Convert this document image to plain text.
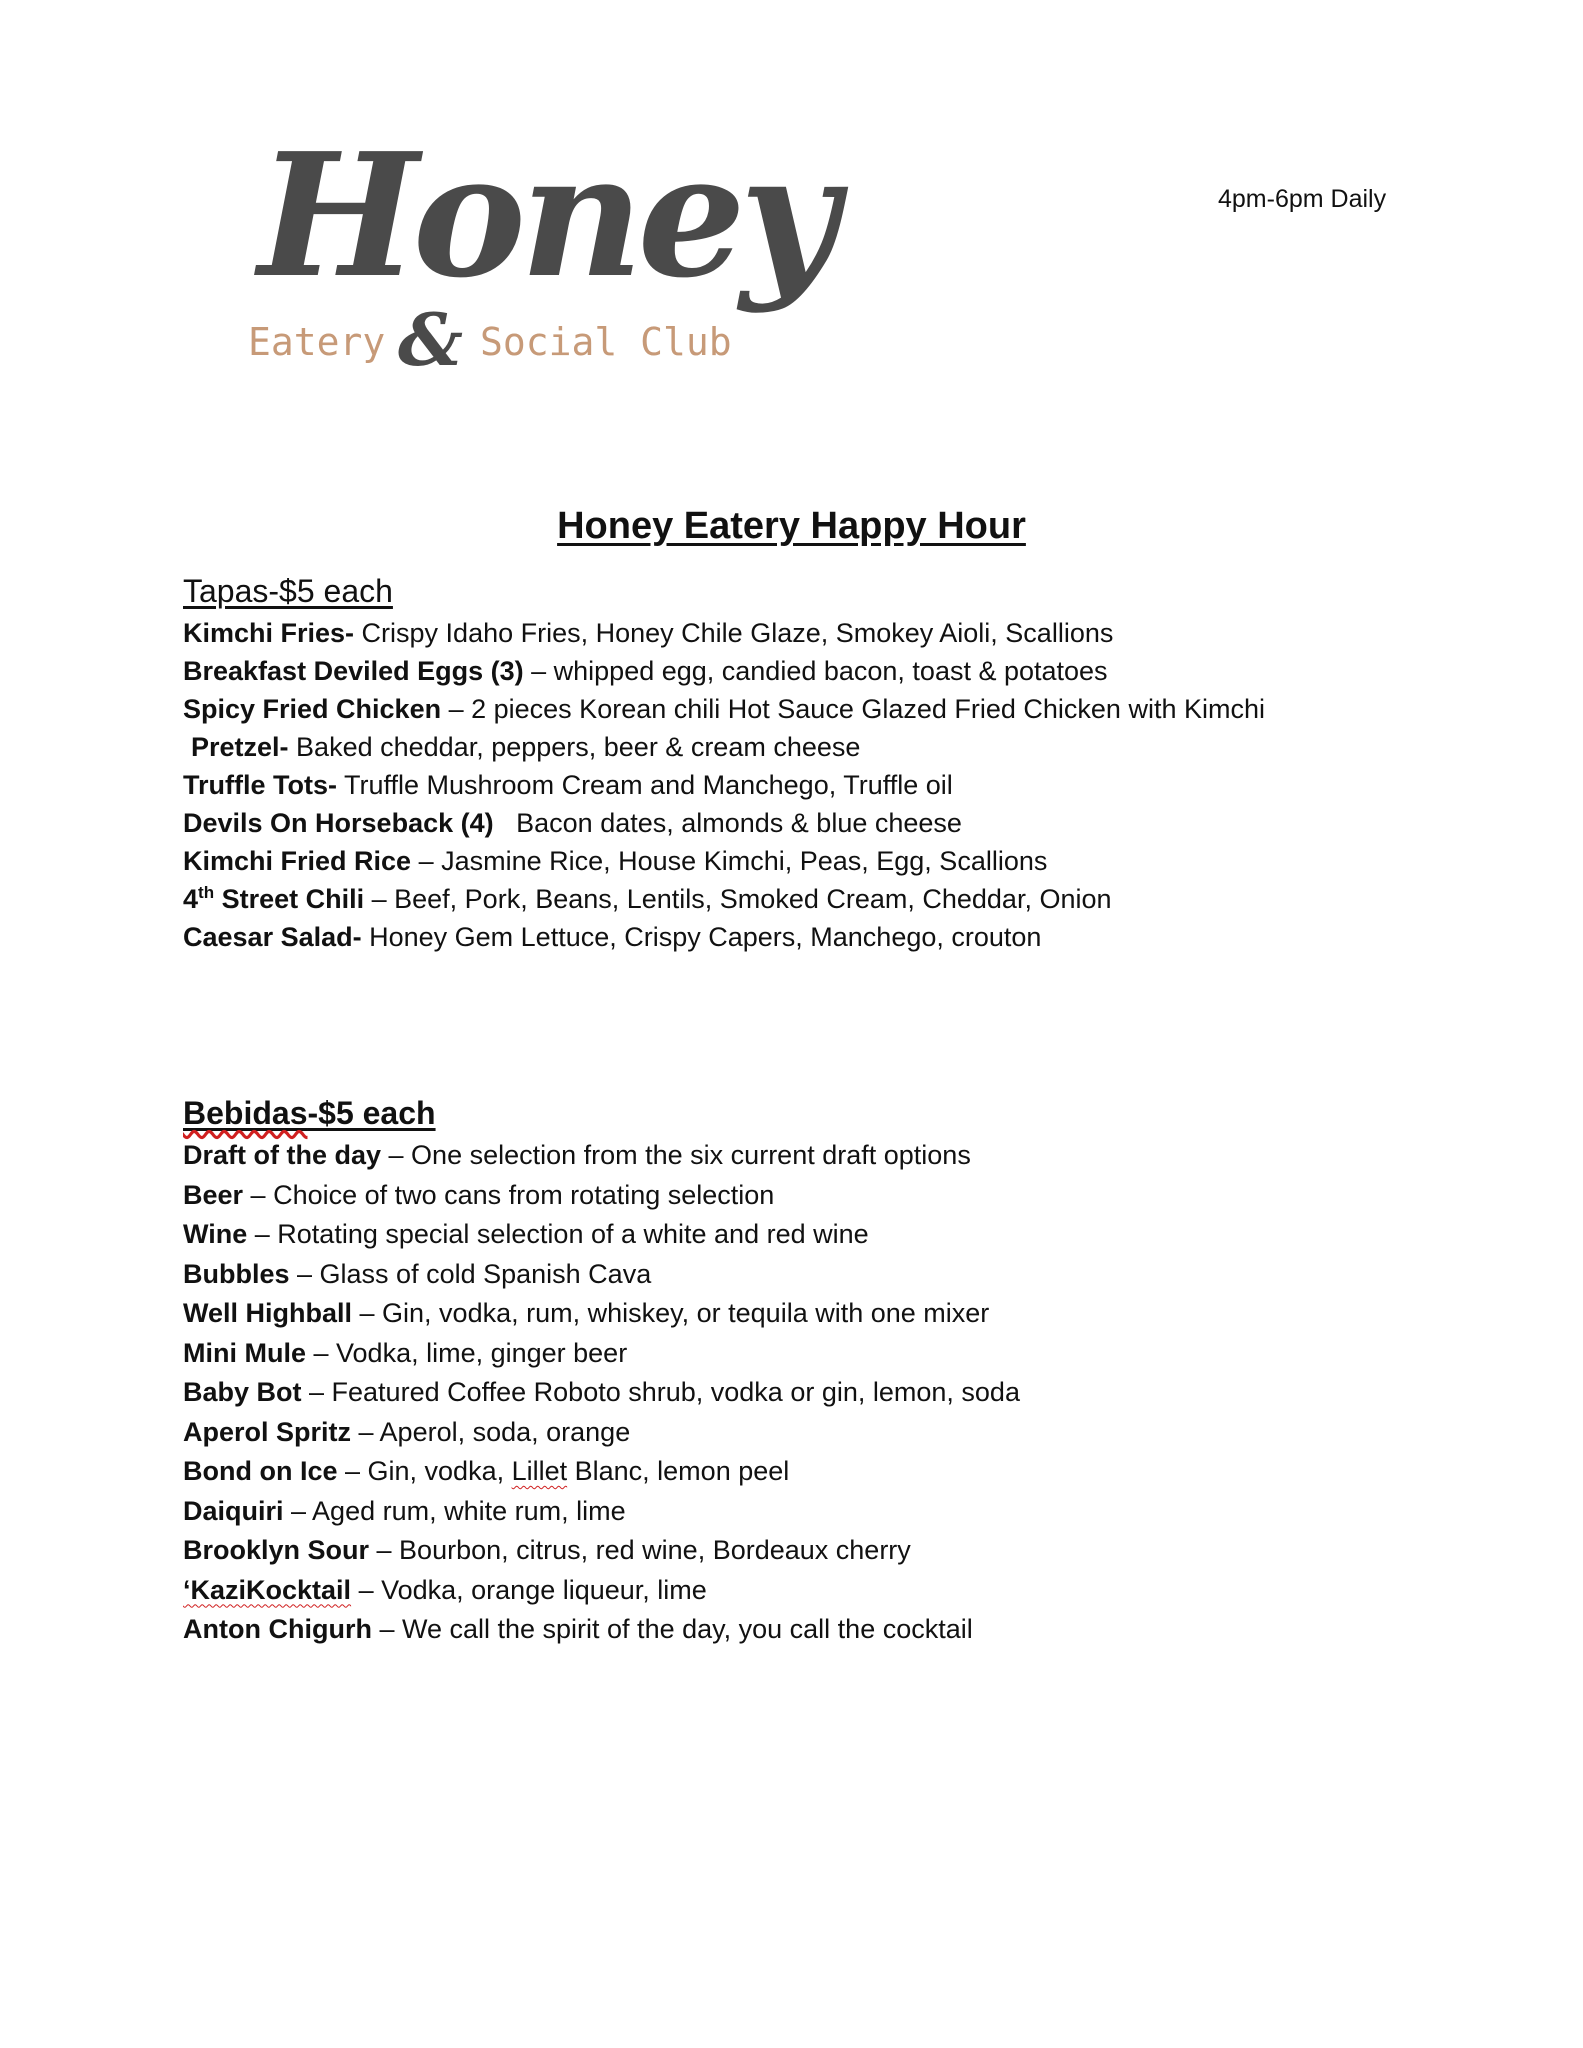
Honey
Eatery & Social Club
4pm-6pm Daily
Honey Eatery Happy Hour
Tapas-$5 each
Kimchi Fries- Crispy Idaho Fries, Honey Chile Glaze, Smokey Aioli, Scallions
Breakfast Deviled Eggs (3) – whipped egg, candied bacon, toast & potatoes
Spicy Fried Chicken – 2 pieces Korean chili Hot Sauce Glazed Fried Chicken with Kimchi
Pretzel- Baked cheddar, peppers, beer & cream cheese
Truffle Tots- Truffle Mushroom Cream and Manchego, Truffle oil
Devils On Horseback (4)   Bacon dates, almonds & blue cheese
Kimchi Fried Rice – Jasmine Rice, House Kimchi, Peas, Egg, Scallions
4th Street Chili – Beef, Pork, Beans, Lentils, Smoked Cream, Cheddar, Onion
Caesar Salad- Honey Gem Lettuce, Crispy Capers, Manchego, crouton
Bebidas-$5 each
Draft of the day – One selection from the six current draft options
Beer – Choice of two cans from rotating selection
Wine – Rotating special selection of a white and red wine
Bubbles – Glass of cold Spanish Cava
Well Highball – Gin, vodka, rum, whiskey, or tequila with one mixer
Mini Mule – Vodka, lime, ginger beer
Baby Bot – Featured Coffee Roboto shrub, vodka or gin, lemon, soda
Aperol Spritz – Aperol, soda, orange
Bond on Ice – Gin, vodka, Lillet Blanc, lemon peel
Daiquiri – Aged rum, white rum, lime
Brooklyn Sour – Bourbon, citrus, red wine, Bordeaux cherry
‘KaziKocktail – Vodka, orange liqueur, lime
Anton Chigurh – We call the spirit of the day, you call the cocktail
